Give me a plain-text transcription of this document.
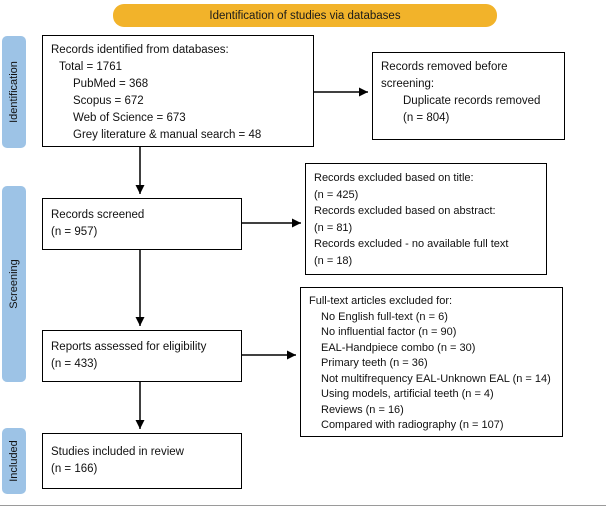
Identification of studies via databases
Identification
Screening
Included
Records identified from databases:
Total = 1761
PubMed = 368
Scopus = 672
Web of Science = 673
Grey literature & manual search = 48
Records removed before screening:
Duplicate records removed
(n = 804)
Records screened
(n = 957)
Records excluded based on title:
(n = 425)
Records excluded based on abstract:
(n = 81)
Records excluded - no available full text
(n = 18)
Reports assessed for eligibility
(n = 433)
Full-text articles excluded for:
No English full-text (n = 6)
No influential factor (n = 90)
EAL-Handpiece combo (n = 30)
Primary teeth (n = 36)
Not multifrequency EAL-Unknown EAL (n = 14)
Using models, artificial teeth (n = 4)
Reviews (n = 16)
Compared with radiography (n = 107)
Studies included in review
(n = 166)
